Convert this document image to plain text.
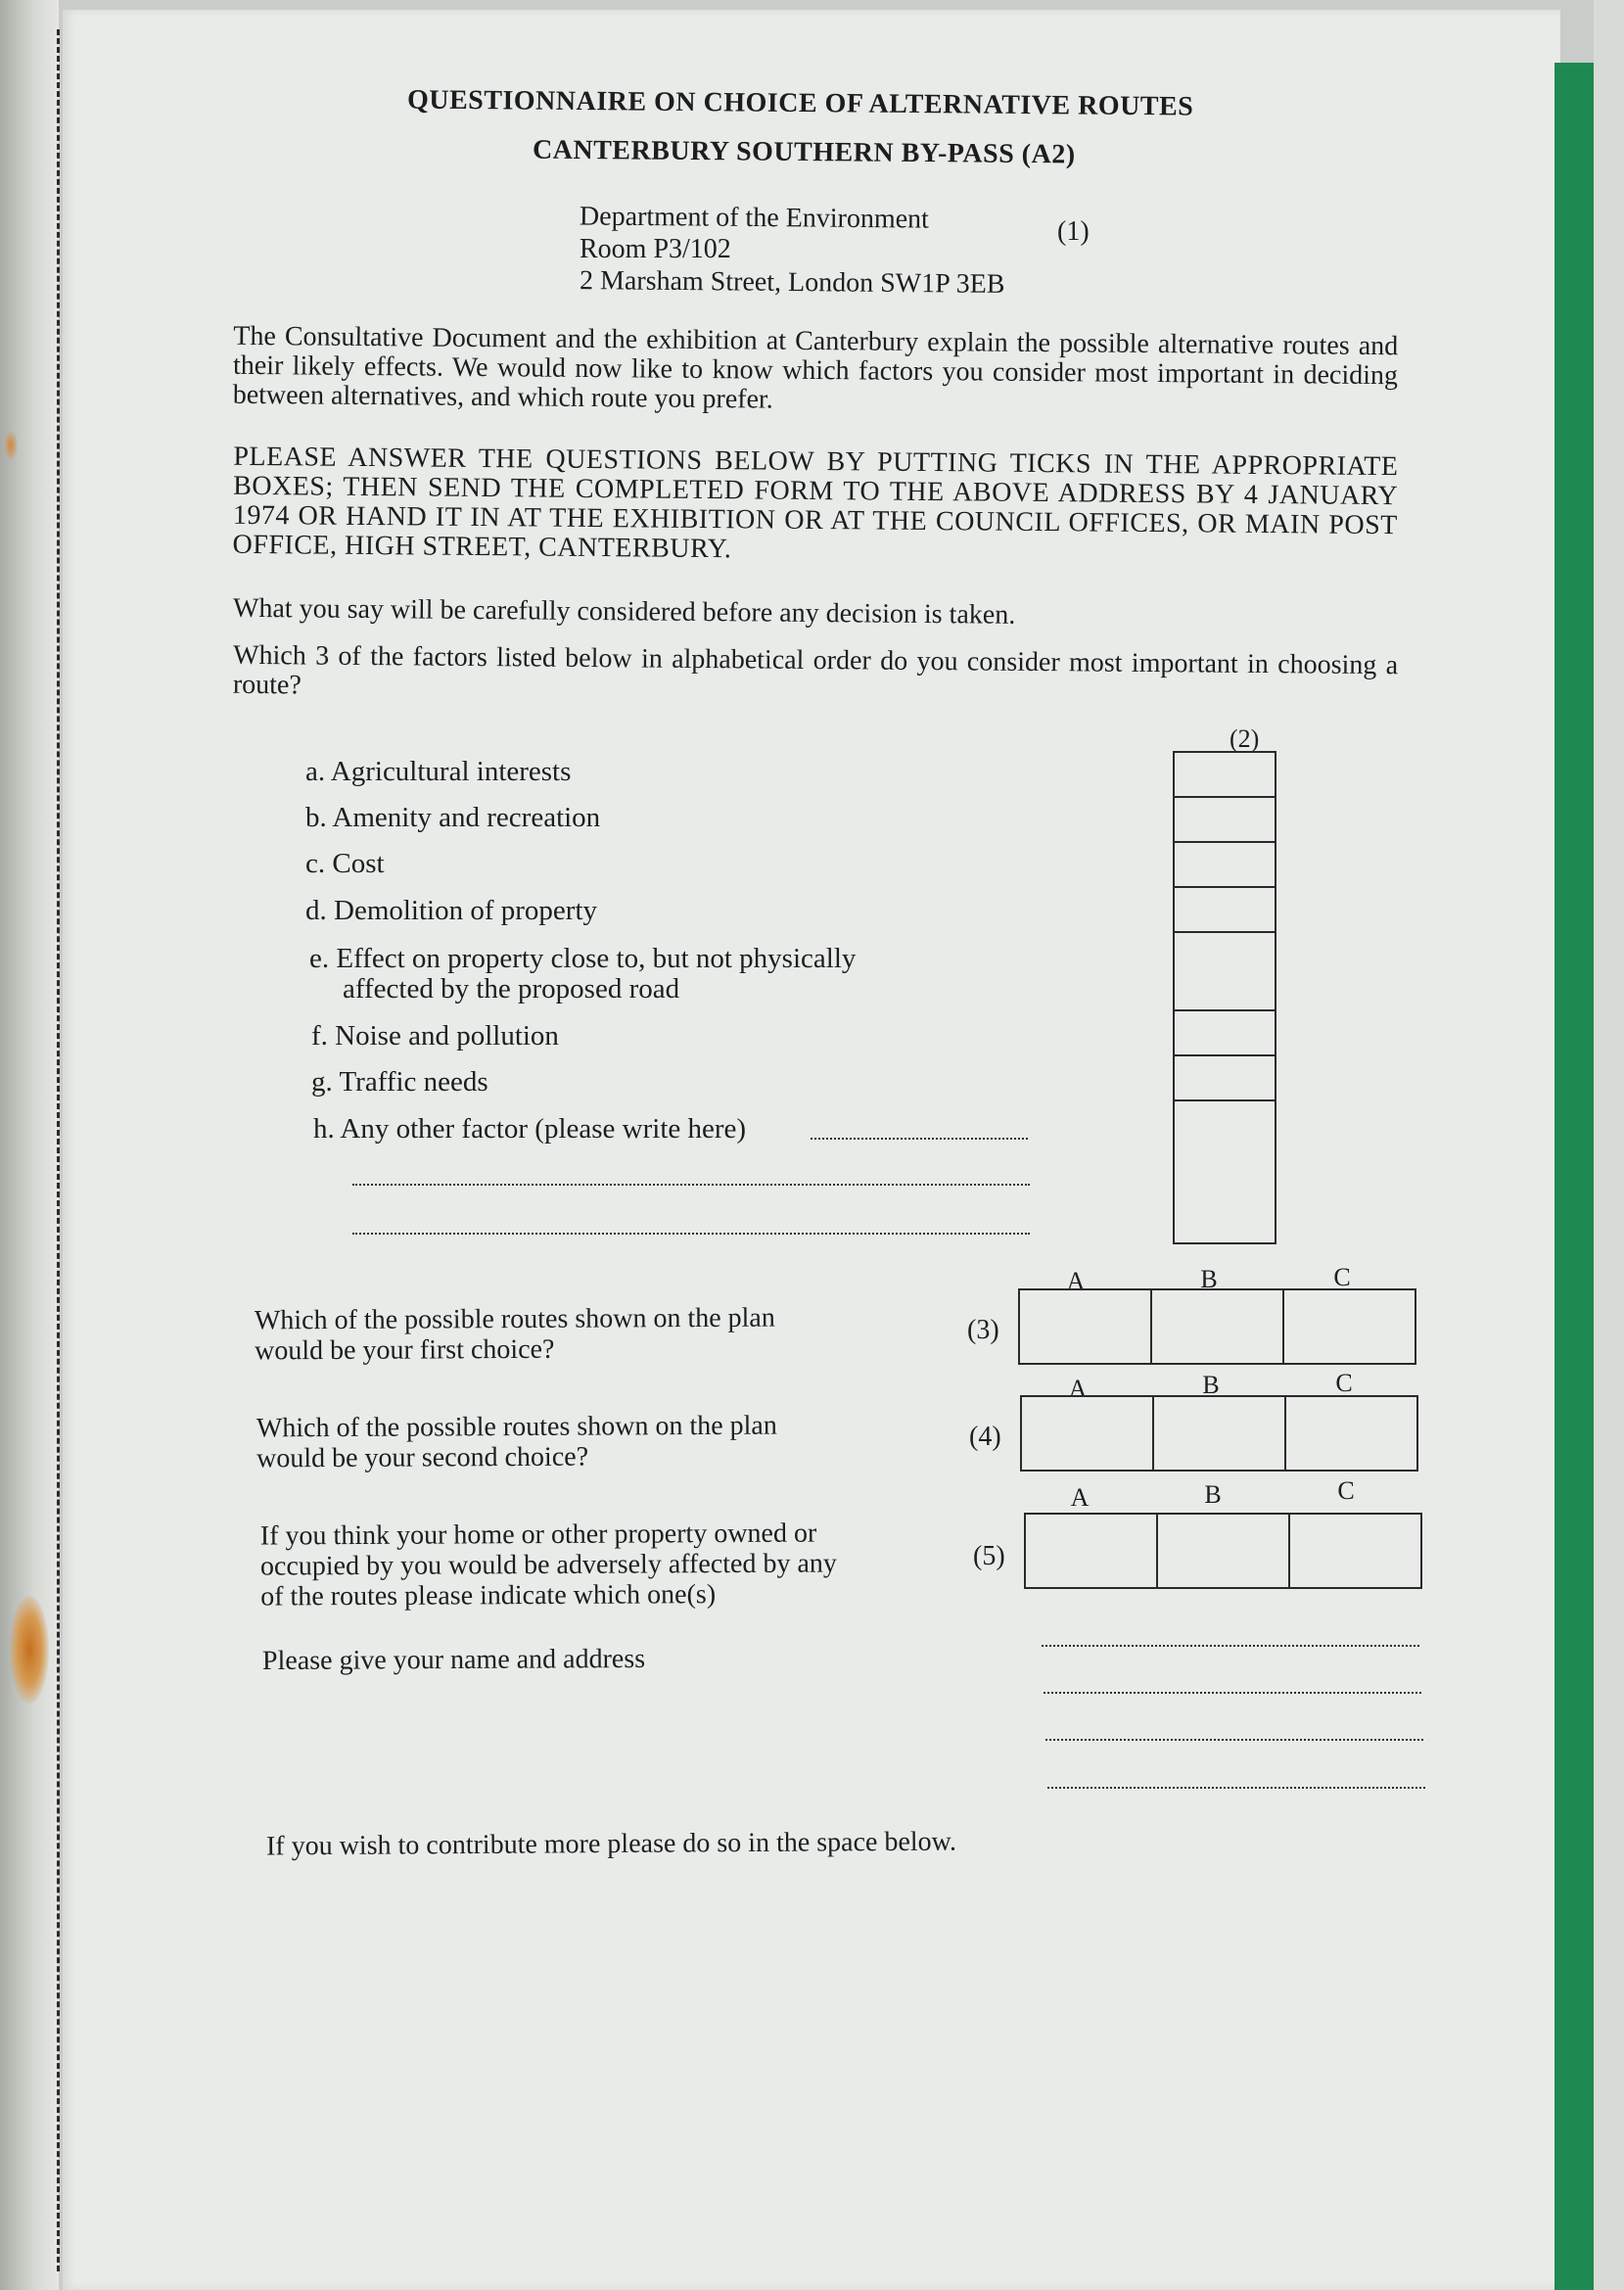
QUESTIONNAIRE ON CHOICE OF ALTERNATIVE ROUTES
CANTERBURY SOUTHERN BY-PASS (A2)
Department of the Environment	(1)
Room P3/102
2 Marsham Street, London SW1P 3EB
The Consultative Document and the exhibition at Canterbury explain the possible alternative routes and their likely effects. We would now like to know which factors you consider most important in deciding between alternatives, and which route you prefer.
PLEASE ANSWER THE QUESTIONS BELOW BY PUTTING TICKS IN THE APPROPRIATE BOXES; THEN SEND THE COMPLETED FORM TO THE ABOVE ADDRESS BY 4 JANUARY 1974 OR HAND IT IN AT THE EXHIBITION OR AT THE COUNCIL OFFICES, OR MAIN POST OFFICE, HIGH STREET, CANTERBURY.
What you say will be carefully considered before any decision is taken.
Which 3 of the factors listed below in alphabetical order do you consider most important in choosing a route?
a. Agricultural interests
b. Amenity and recreation
c. Cost
d. Demolition of property
e. Effect on property close to, but not physically
affected by the proposed road
f. Noise and pollution
g. Traffic needs
h. Any other factor (please write here)
(2)
A	B	C
Which of the possible routes shown on the plan
would be your first choice?
(3)
A	B	C
Which of the possible routes shown on the plan
would be your second choice?
(4)
A	B	C
If you think your home or other property owned or
occupied by you would be adversely affected by any
of the routes please indicate which one(s)
(5)
Please give your name and address
If you wish to contribute more please do so in the space below.
